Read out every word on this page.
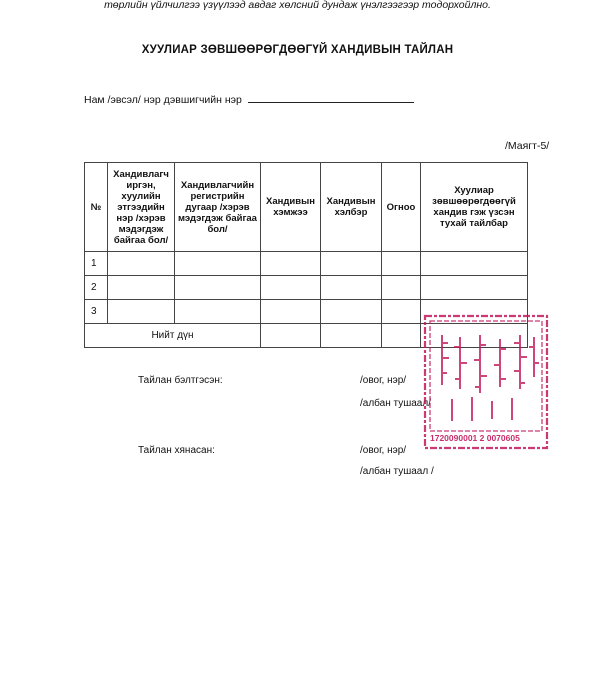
төрлийн үйлчилгээ үзүүлээд авдаг хөлсний дундаж үнэлгээгээр тодорхойлно.
ХУУЛИАР ЗӨВШӨӨРӨГДӨӨГҮЙ ХАНДИВЫН ТАЙЛАН
Нам /эвсэл/ нэр дэвшигчийн нэр
/Маягт-5/
№	Хандивлагч иргэн, хуулийн этгээдийн нэр /хэрэв мэдэгдэж байгаа бол/	Хандивлагчийн регистрийн дугаар /хэрэв мэдэгдэж байгаа бол/	Хандивын хэмжээ	Хандивын хэлбэр	Огноо	Хуулиар зөвшөөрөгдөөгүй хандив гэж үзсэн тухай тайлбар
1						
2						
3						
Нийт дүн						
Тайлан бэлтгэсэн:	/овог, нэр/
/албан тушаал/
Тайлан хянасан:	/овог, нэр/
/албан тушаал /
1720090001 2 0070605
